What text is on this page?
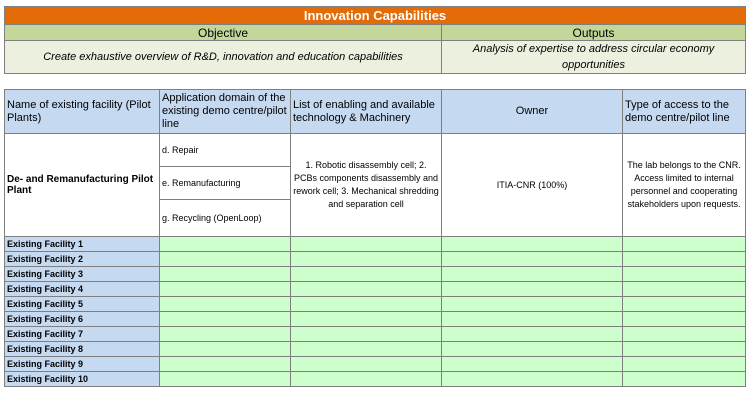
Innovation Capabilities	
Objective	Outputs
Create exhaustive overview of R&D, innovation and education capabilities	Analysis of expertise to address circular economy opportunities
Name of existing facility (Pilot Plants)	Application domain of the existing demo centre/pilot line	List of enabling and available technology & Machinery	Owner	Type of access to the demo centre/pilot line
De- and Remanufacturing Pilot Plant	d. Repair	1. Robotic disassembly cell; 2. PCBs components disassembly and rework cell; 3. Mechanical shredding and separation cell	ITIA-CNR (100%)	The lab belongs to the CNR. Access limited to internal personnel and cooperating stakeholders upon requests.
	e. Remanufacturing			
	g. Recycling (OpenLoop)			
Existing Facility 1				
Existing Facility 2				
Existing Facility 3				
Existing Facility 4				
Existing Facility 5				
Existing Facility 6				
Existing Facility 7				
Existing Facility 8				
Existing Facility 9				
Existing Facility 10				
